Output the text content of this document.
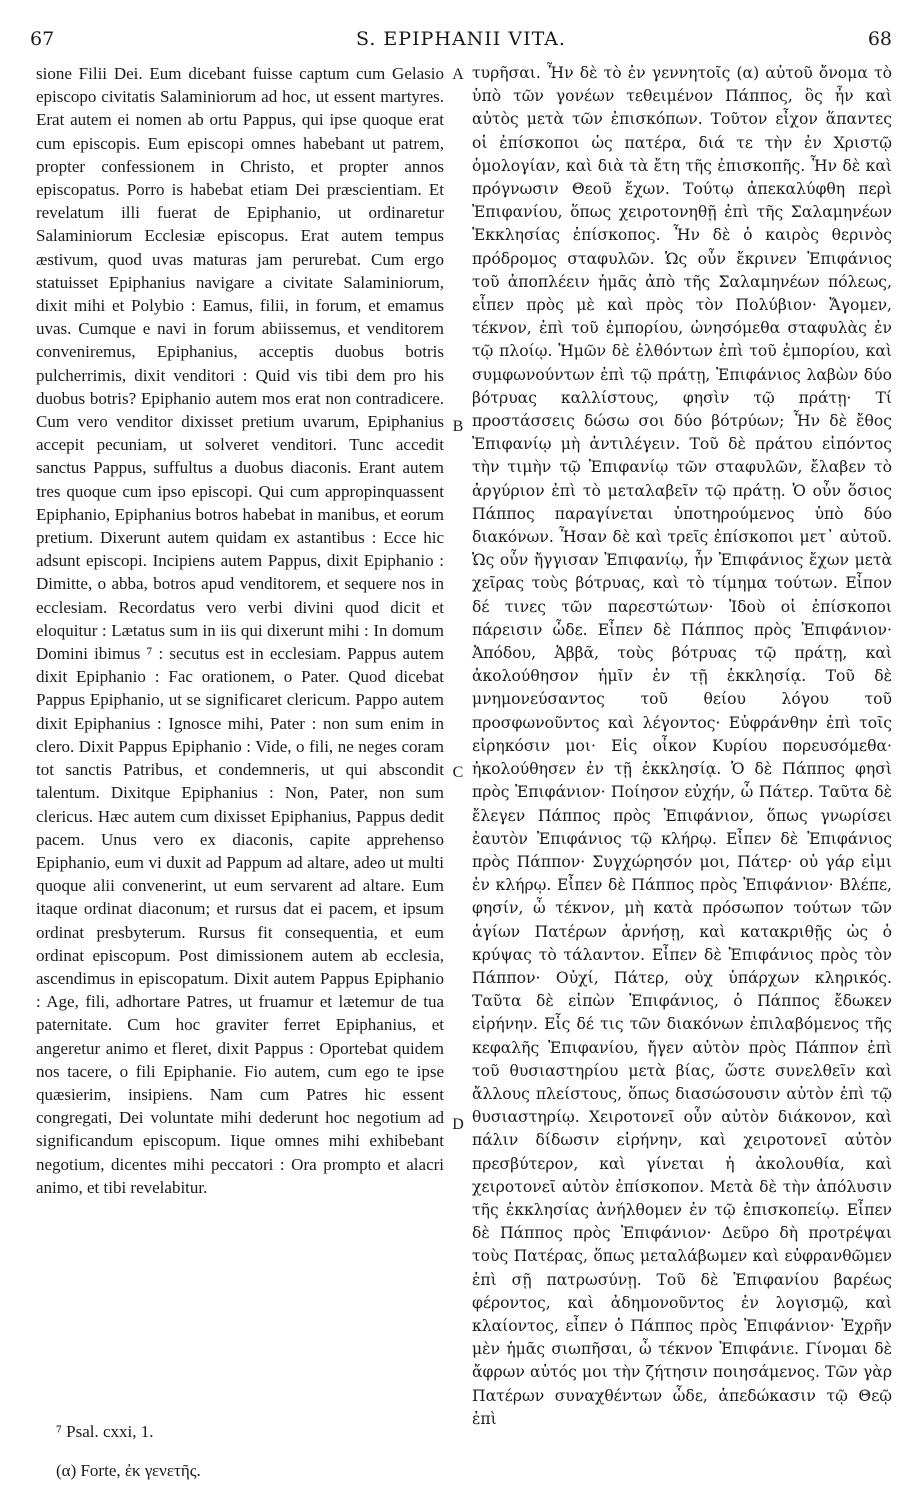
67	S. EPIPHANII VITA.	68

sione Filii Dei. Eum dicebant fuisse captum cum Gelasio episcopo civitatis Salaminiorum ad hoc, ut essent martyres. Erat autem ei nomen ab ortu Pappus, qui ipse quoque erat cum episcopis. Eum episcopi omnes habebant ut patrem, propter confessionem in Christo, et propter annos episcopatus. Porro is habebat etiam Dei præscientiam. Et revelatum illi fuerat de Epiphanio, ut ordinaretur Salaminiorum Ecclesiæ episcopus. Erat autem tempus æstivum, quod uvas maturas jam perurebat. Cum ergo statuisset Epiphanius navigare a civitate Salaminiorum, dixit mihi et Polybio : Eamus, filii, in forum, et emamus uvas. Cumque e navi in forum abiissemus, et venditorem conveniremus, Epiphanius, acceptis duobus botris pulcherrimis, dixit venditori : Quid vis tibi dem pro his duobus botris? Epiphanio autem mos erat non contradicere. Cum vero venditor dixisset pretium uvarum, Epiphanius accepit pecuniam, ut solveret venditori. Tunc accedit sanctus Pappus, suffultus a duobus diaconis. Erant autem tres quoque cum ipso episcopi. Qui cum appropinquassent Epiphanio, Epiphanius botros habebat in manibus, et eorum pretium. Dixerunt autem quidam ex astantibus : Ecce hic adsunt episcopi. Incipiens autem Pappus, dixit Epiphanio : Dimitte, o abba, botros apud venditorem, et sequere nos in ecclesiam. Recordatus vero verbi divini quod dicit et eloquitur : Lætatus sum in iis qui dixerunt mihi : In domum Domini ibimus ⁷ : secutus est in ecclesiam. Pappus autem dixit Epiphanio : Fac orationem, o Pater. Quod dicebat Pappus Epiphanio, ut se significaret clericum. Pappo autem dixit Epiphanius : Ignosce mihi, Pater : non sum enim in clero. Dixit Pappus Epiphanio : Vide, o fili, ne neges coram tot sanctis Patribus, et condemneris, ut qui abscondit talentum. Dixitque Epiphanius : Non, Pater, non sum clericus. Hæc autem cum dixisset Epiphanius, Pappus dedit pacem. Unus vero ex diaconis, capite apprehenso Epiphanio, eum vi duxit ad Pappum ad altare, adeo ut multi quoque alii convenerint, ut eum servarent ad altare. Eum itaque ordinat diaconum; et rursus dat ei pacem, et ipsum ordinat presbyterum. Rursus fit consequentia, et eum ordinat episcopum. Post dimissionem autem ab ecclesia, ascendimus in episcopatum. Dixit autem Pappus Epiphanio : Age, fili, adhortare Patres, ut fruamur et lætemur de tua paternitate. Cum hoc graviter ferret Epiphanius, et angeretur animo et fleret, dixit Pappus : Oportebat quidem nos tacere, o fili Epiphanie. Fio autem, cum ego te ipse quæsierim, insipiens. Nam cum Patres hic essent congregati, Dei voluntate mihi dederunt hoc negotium ad significandum episcopum. Iique omnes mihi exhibebant negotium, dicentes mihi peccatori : Ora prompto et alacri animo, et tibi revelabitur.

A
B
C
D

τυρῆσαι. Ἦν δὲ τὸ ἐν γεννητοῖς (α) αὐτοῦ ὄνομα τὸ ὑπὸ τῶν γονέων τεθειμένον Πάππος, ὃς ἦν καὶ αὐτὸς μετὰ τῶν ἐπισκόπων. Τοῦτον εἶχον ἅπαντες οἱ ἐπίσκοποι ὡς πατέρα, διά τε τὴν ἐν Χριστῷ ὁμολογίαν, καὶ διὰ τὰ ἔτη τῆς ἐπισκοπῆς. Ἦν δὲ καὶ πρόγνωσιν Θεοῦ ἔχων. Τούτῳ ἀπεκαλύφθη περὶ Ἐπιφανίου, ὅπως χειροτονηθῇ ἐπὶ τῆς Σαλαμηνέων Ἐκκλησίας ἐπίσκοπος. Ἦν δὲ ὁ καιρὸς θερινὸς πρόδρομος σταφυλῶν. Ὡς οὖν ἔκρινεν Ἐπιφάνιος τοῦ ἀποπλέειν ἡμᾶς ἀπὸ τῆς Σαλαμηνέων πόλεως, εἶπεν πρὸς μὲ καὶ πρὸς τὸν Πολύβιον· Ἄγομεν, τέκνον, ἐπὶ τοῦ ἐμπορίου, ὠνησόμεθα σταφυλὰς ἐν τῷ πλοίῳ. Ἡμῶν δὲ ἐλθόντων ἐπὶ τοῦ ἐμπορίου, καὶ συμφωνούντων ἐπὶ τῷ πράτῃ, Ἐπιφάνιος λαβὼν δύο βότρυας καλλίστους, φησὶν τῷ πράτῃ· Τί προστάσσεις δώσω σοι δύο βότρύων; Ἦν δὲ ἔθος Ἐπιφανίῳ μὴ ἀντιλέγειν. Τοῦ δὲ πράτου εἰπόντος τὴν τιμὴν τῷ Ἐπιφανίῳ τῶν σταφυλῶν, ἔλαβεν τὸ ἀργύριον ἐπὶ τὸ μεταλαβεῖν τῷ πράτῃ. Ὁ οὖν ὅσιος Πάππος παραγίνεται ὑποτηρούμενος ὑπὸ δύο διακόνων. Ἦσαν δὲ καὶ τρεῖς ἐπίσκοποι μετ᾽ αὐτοῦ. Ὡς οὖν ἤγγισαν Ἐπιφανίῳ, ἦν Ἐπιφάνιος ἔχων μετὰ χεῖρας τοὺς βότρυας, καὶ τὸ τίμημα τούτων. Εἶπον δέ τινες τῶν παρεστώτων· Ἰδοὺ οἱ ἐπίσκοποι πάρεισιν ὧδε. Εἶπεν δὲ Πάππος πρὸς Ἐπιφάνιον· Ἀπόδου, Ἀββᾶ, τοὺς βότρυας τῷ πράτῃ, καὶ ἀκολούθησον ἡμῖν ἐν τῇ ἐκκλησίᾳ. Τοῦ δὲ μνημονεύσαντος τοῦ θείου λόγου τοῦ προσφωνοῦντος καὶ λέγοντος· Εὐφράνθην ἐπὶ τοῖς εἰρηκόσιν μοι· Εἰς οἶκον Κυρίου πορευσόμεθα· ἠκολούθησεν ἐν τῇ ἐκκλησίᾳ. Ὁ δὲ Πάππος φησὶ πρὸς Ἐπιφάνιον· Ποίησον εὐχήν, ὦ Πάτερ. Ταῦτα δὲ ἔλεγεν Πάππος πρὸς Ἐπιφάνιον, ὅπως γνωρίσει ἑαυτὸν Ἐπιφάνιος τῷ κλήρῳ. Εἶπεν δὲ Ἐπιφάνιος πρὸς Πάππον· Συγχώρησόν μοι, Πάτερ· οὐ γάρ εἰμι ἐν κλήρῳ. Εἶπεν δὲ Πάππος πρὸς Ἐπιφάνιον· Βλέπε, φησίν, ὦ τέκνον, μὴ κατὰ πρόσωπον τούτων τῶν ἁγίων Πατέρων ἀρνήσῃ, καὶ κατακριθῇς ὡς ὁ κρύψας τὸ τάλαντον. Εἶπεν δὲ Ἐπιφάνιος πρὸς τὸν Πάππον· Οὐχί, Πάτερ, οὐχ ὑπάρχων κληρικός. Ταῦτα δὲ εἰπὼν Ἐπιφάνιος, ὁ Πάππος ἔδωκεν εἰρήνην. Εἷς δέ τις τῶν διακόνων ἐπιλαβόμενος τῆς κεφαλῆς Ἐπιφανίου, ἤγεν αὐτὸν πρὸς Πάππον ἐπὶ τοῦ θυσιαστηρίου μετὰ βίας, ὥστε συνελθεῖν καὶ ἄλλους πλείστους, ὅπως διασώσουσιν αὐτὸν ἐπὶ τῷ θυσιαστηρίῳ. Χειροτονεῖ οὖν αὐτὸν διάκονον, καὶ πάλιν δίδωσιν εἰρήνην, καὶ χειροτονεῖ αὐτὸν πρεσβύτερον, καὶ γίνεται ἡ ἀκολουθία, καὶ χειροτονεῖ αὐτὸν ἐπίσκοπον. Μετὰ δὲ τὴν ἀπόλυσιν τῆς ἐκκλησίας ἀνήλθομεν ἐν τῷ ἐπισκοπείῳ. Εἶπεν δὲ Πάππος πρὸς Ἐπιφάνιον· Δεῦρο δὴ προτρέψαι τοὺς Πατέρας, ὅπως μεταλάβωμεν καὶ εὐφρανθῶμεν ἐπὶ σῇ πατρωσύνῃ. Τοῦ δὲ Ἐπιφανίου βαρέως φέροντος, καὶ ἀδημονοῦντος ἐν λογισμῷ, καὶ κλαίοντος, εἶπεν ὁ Πάππος πρὸς Ἐπιφάνιον· Ἐχρῆν μὲν ἡμᾶς σιωπῆσαι, ὦ τέκνον Ἐπιφάνιε. Γίνομαι δὲ ἄφρων αὐτός μοι τὴν ζήτησιν ποιησάμενος. Τῶν γὰρ Πατέρων συναχθέντων ὧδε, ἀπεδώκασιν τῷ Θεῷ ἐπὶ

⁷ Psal. cxxi, 1.
(α) Forte, ἐκ γενετῆς.
